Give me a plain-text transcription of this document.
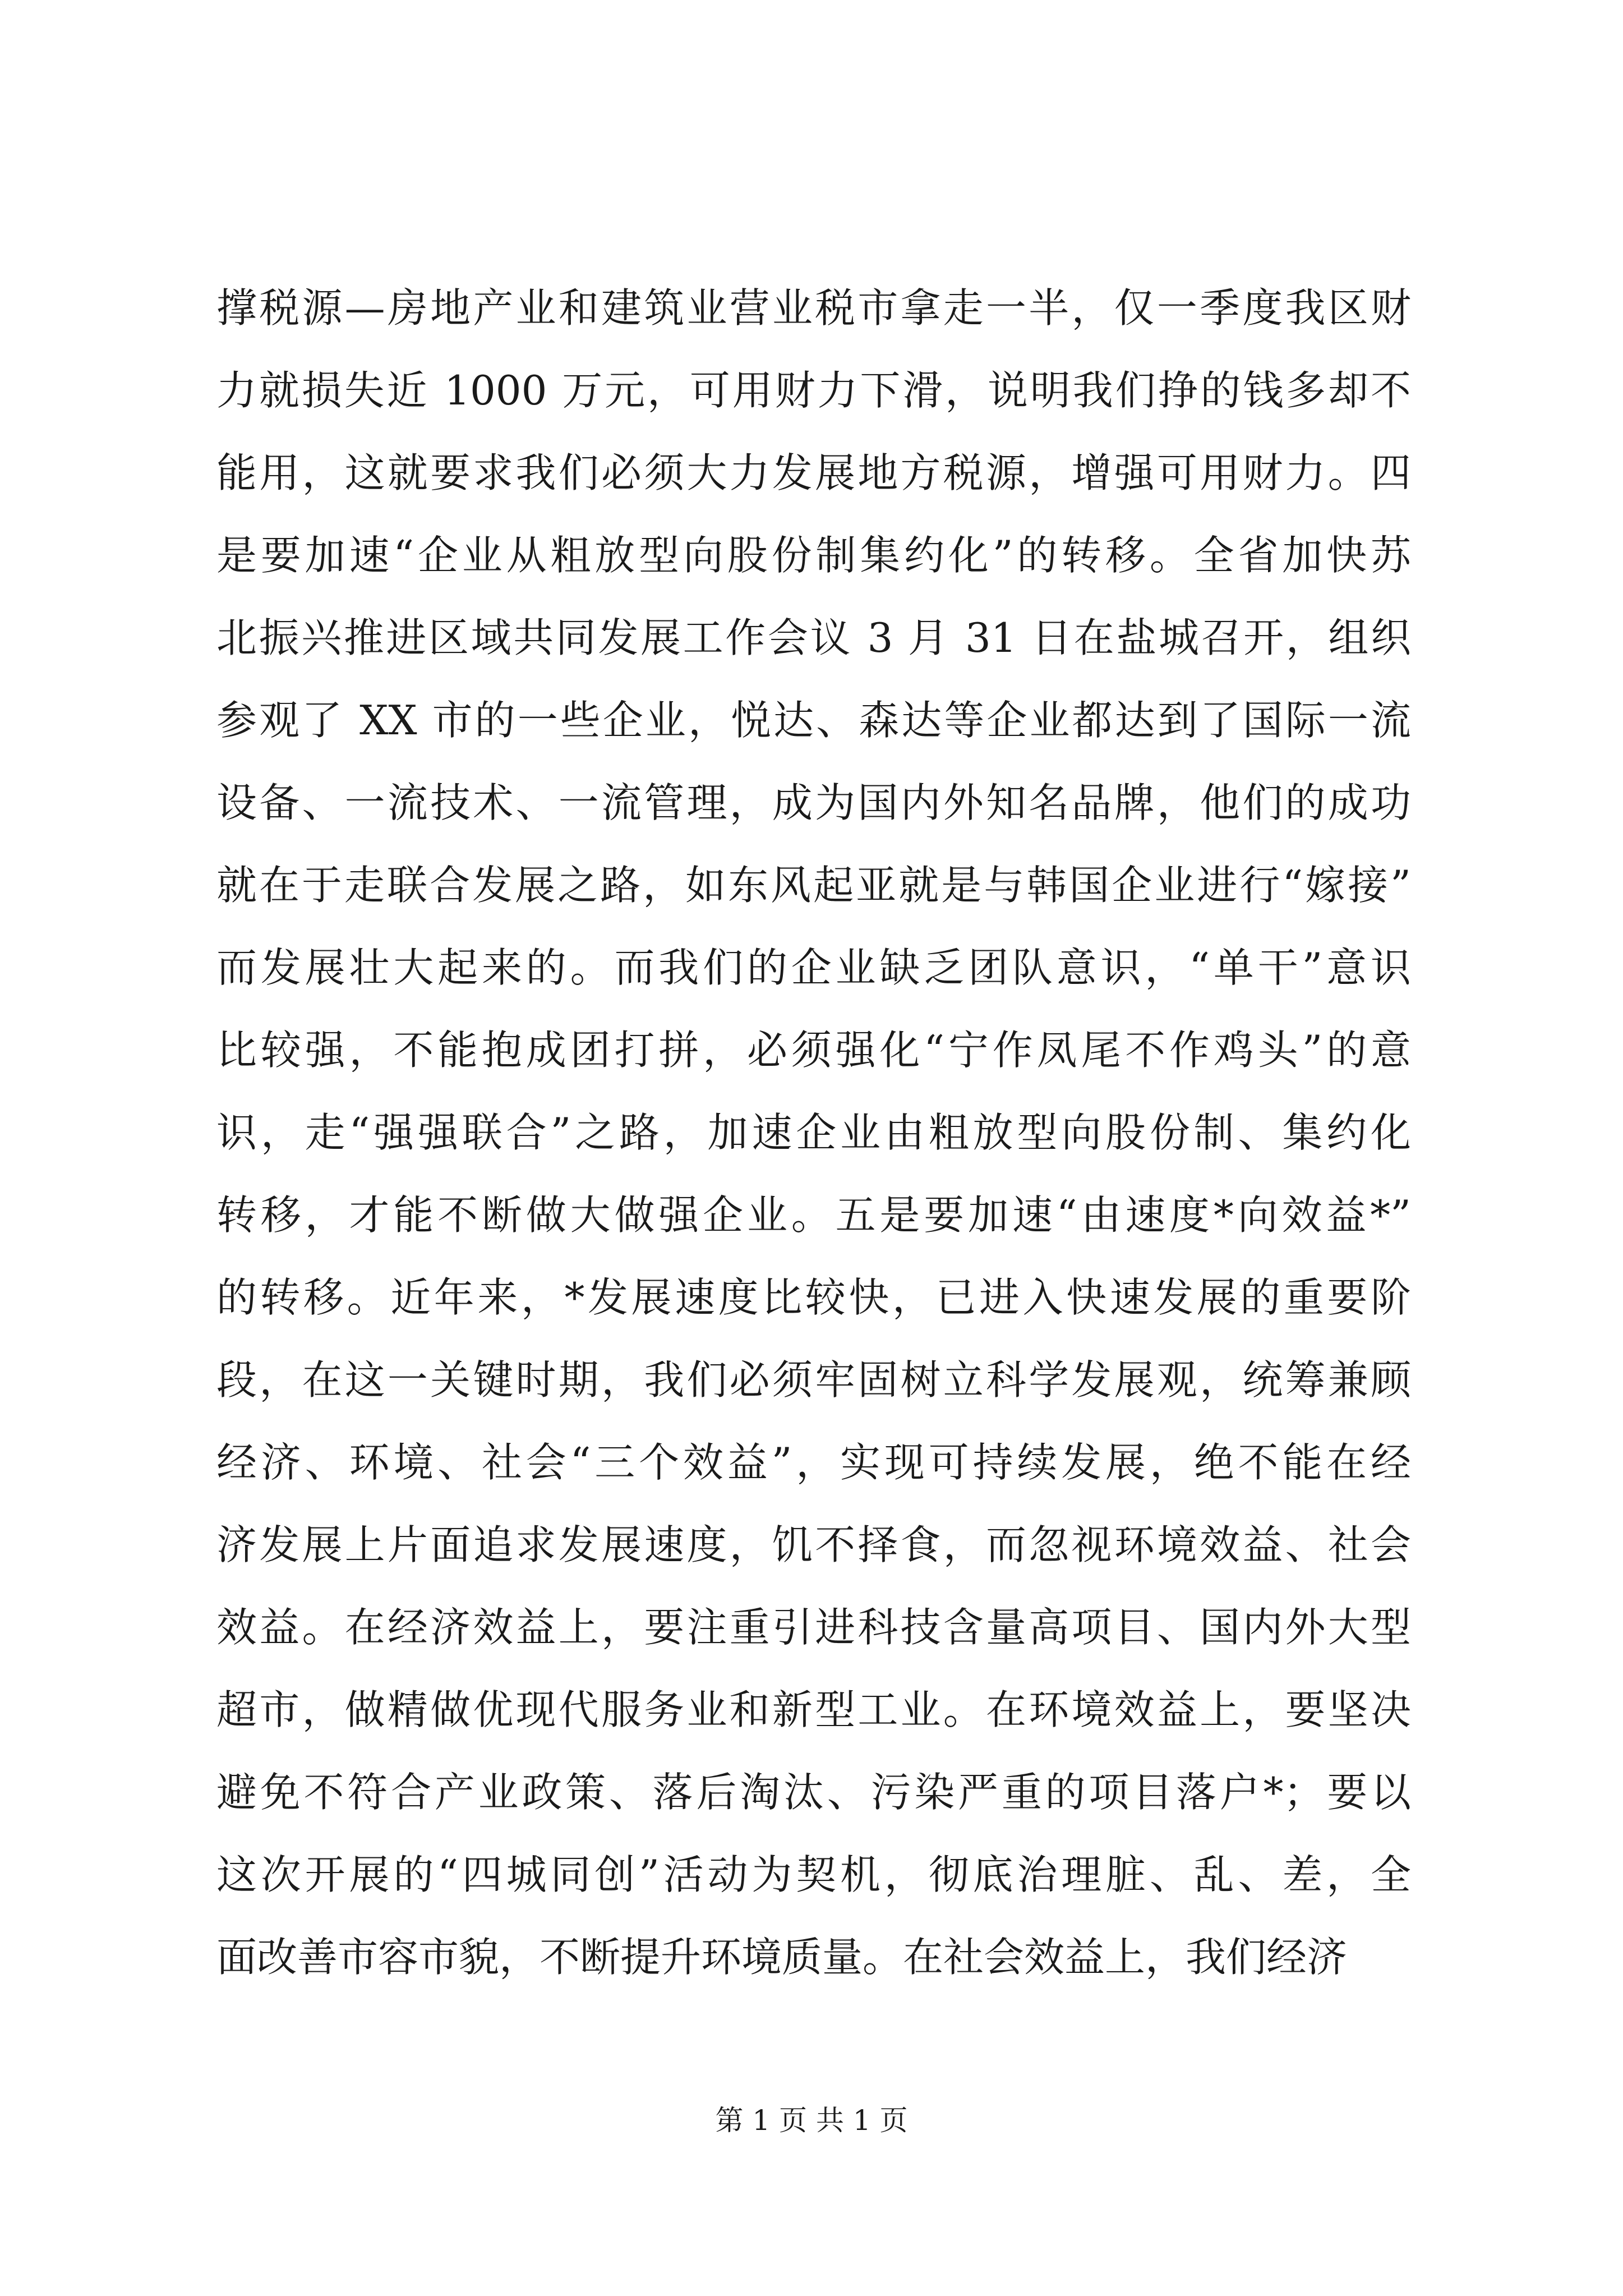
撑税源—房地产业和建筑业营业税市拿走一半，仅一季度我区财
力就损失近 1000 万元，可用财力下滑，说明我们挣的钱多却不
能用，这就要求我们必须大力发展地方税源，增强可用财力。四
是要加速“企业从粗放型向股份制集约化”的转移。全省加快苏
北振兴推进区域共同发展工作会议 3 月 31 日在盐城召开，组织
参观了 XX 市的一些企业，悦达、森达等企业都达到了国际一流
设备、一流技术、一流管理，成为国内外知名品牌，他们的成功
就在于走联合发展之路，如东风起亚就是与韩国企业进行“嫁接”
而发展壮大起来的。而我们的企业缺乏团队意识，“单干”意识
比较强，不能抱成团打拼，必须强化“宁作凤尾不作鸡头”的意
识，走“强强联合”之路，加速企业由粗放型向股份制、集约化
转移，才能不断做大做强企业。五是要加速“由速度*向效益*”
的转移。近年来，*发展速度比较快，已进入快速发展的重要阶
段，在这一关键时期，我们必须牢固树立科学发展观，统筹兼顾
经济、环境、社会“三个效益”，实现可持续发展，绝不能在经
济发展上片面追求发展速度，饥不择食，而忽视环境效益、社会
效益。在经济效益上，要注重引进科技含量高项目、国内外大型
超市，做精做优现代服务业和新型工业。在环境效益上，要坚决
避免不符合产业政策、落后淘汰、污染严重的项目落户*；要以
这次开展的“四城同创”活动为契机，彻底治理脏、乱、差，全
面改善市容市貌，不断提升环境质量。在社会效益上，我们经济
第 1 页 共 1 页
